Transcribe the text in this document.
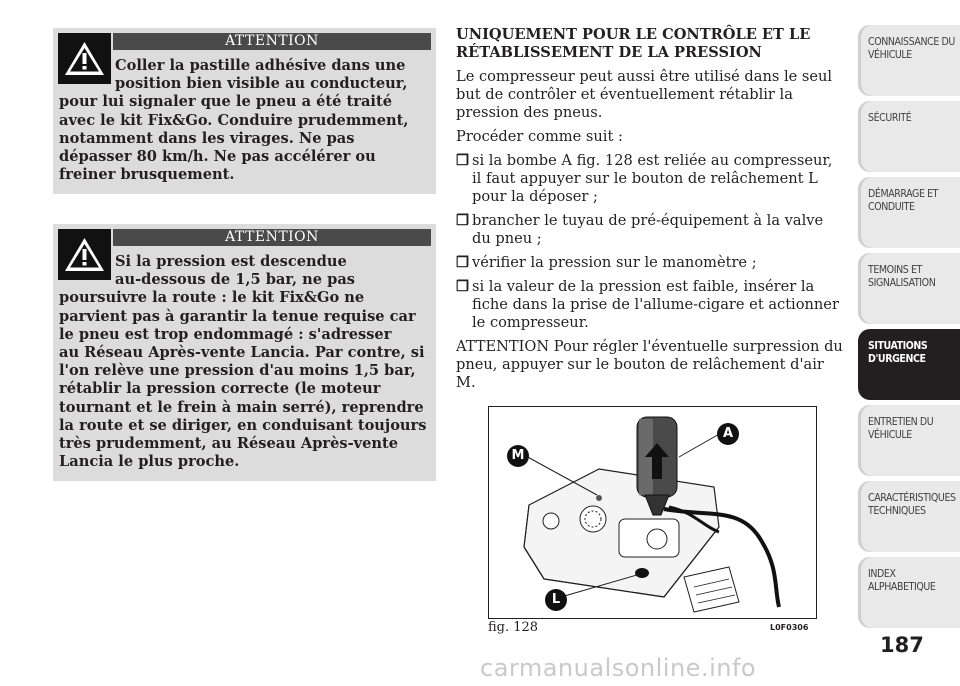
ATTENTION

Coller la pastille adhésive dans une
position bien visible au conducteur,
pour lui signaler que le pneu a été traité
avec le kit Fix&Go. Conduire prudemment,
notamment dans les virages. Ne pas
dépasser 80 km/h. Ne pas accélérer ou
freiner brusquement.

ATTENTION

Si la pression est descendue
au-dessous de 1,5 bar, ne pas
poursuivre la route : le kit Fix&Go ne
parvient pas à garantir la tenue requise car
le pneu est trop endommagé : s'adresser
au Réseau Après-vente Lancia. Par contre, si
l'on relève une pression d'au moins 1,5 bar,
rétablir la pression correcte (le moteur
tournant et le frein à main serré), reprendre
la route et se diriger, en conduisant toujours
très prudemment, au Réseau Après-vente
Lancia le plus proche.

UNIQUEMENT POUR LE CONTRÔLE ET LE RÉTABLISSEMENT DE LA PRESSION

Le compresseur peut aussi être utilisé dans le seul but de contrôler et éventuellement rétablir la pression des pneus.

Procéder comme suit :

❒ si la bombe A fig. 128 est reliée au compresseur, il faut appuyer sur le bouton de relâchement L pour la déposer ;
❒ brancher le tuyau de pré-équipement à la valve du pneu ;
❒ vérifier la pression sur le manomètre ;
❒ si la valeur de la pression est faible, insérer la fiche dans la prise de l'allume-cigare et actionner le compresseur.

ATTENTION Pour régler l'éventuelle surpression du pneu, appuyer sur le bouton de relâchement d'air M.

M
A
L
fig. 128	L0F0306
CONNAISSANCE DU
VÉHICULE
SÉCURITÉ
DÉMARRAGE ET
CONDUITE
TEMOINS ET
SIGNALISATION
SITUATIONS
D'URGENCE
ENTRETIEN DU
VÉHICULE
CARACTÉRISTIQUES
TECHNIQUES
INDEX
ALPHABETIQUE
187
carmanualsonline.info
